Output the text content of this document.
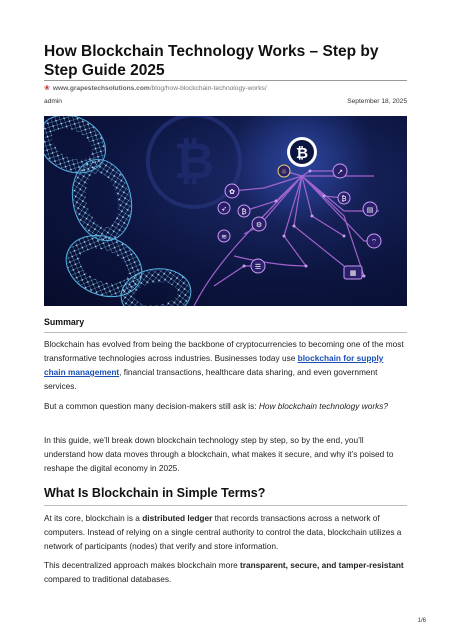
How Blockchain Technology Works – Step by Step Guide 2025
❀ www.grapestechsolutions.com/blog/how-blockchain-technology-works/
admin	September 18, 2025
₿	₿
✿
☼
₿
↗
₿
⚙
➶	▤
≋
⌔
☰
▦
Summary

Blockchain has evolved from being the backbone of cryptocurrencies to becoming one of the most transformative technologies across industries. Businesses today use blockchain for supply chain management, financial transactions, healthcare data sharing, and even government services.

But a common question many decision-makers still ask is: How blockchain technology works?

In this guide, we’ll break down blockchain technology step by step, so by the end, you’ll understand how data moves through a blockchain, what makes it secure, and why it’s poised to reshape the digital economy in 2025.

What Is Blockchain in Simple Terms?

At its core, blockchain is a distributed ledger that records transactions across a network of computers. Instead of relying on a single central authority to control the data, blockchain utilizes a network of participants (nodes) that verify and store information.

This decentralized approach makes blockchain more transparent, secure, and tamper-resistant compared to traditional databases.

1/6
